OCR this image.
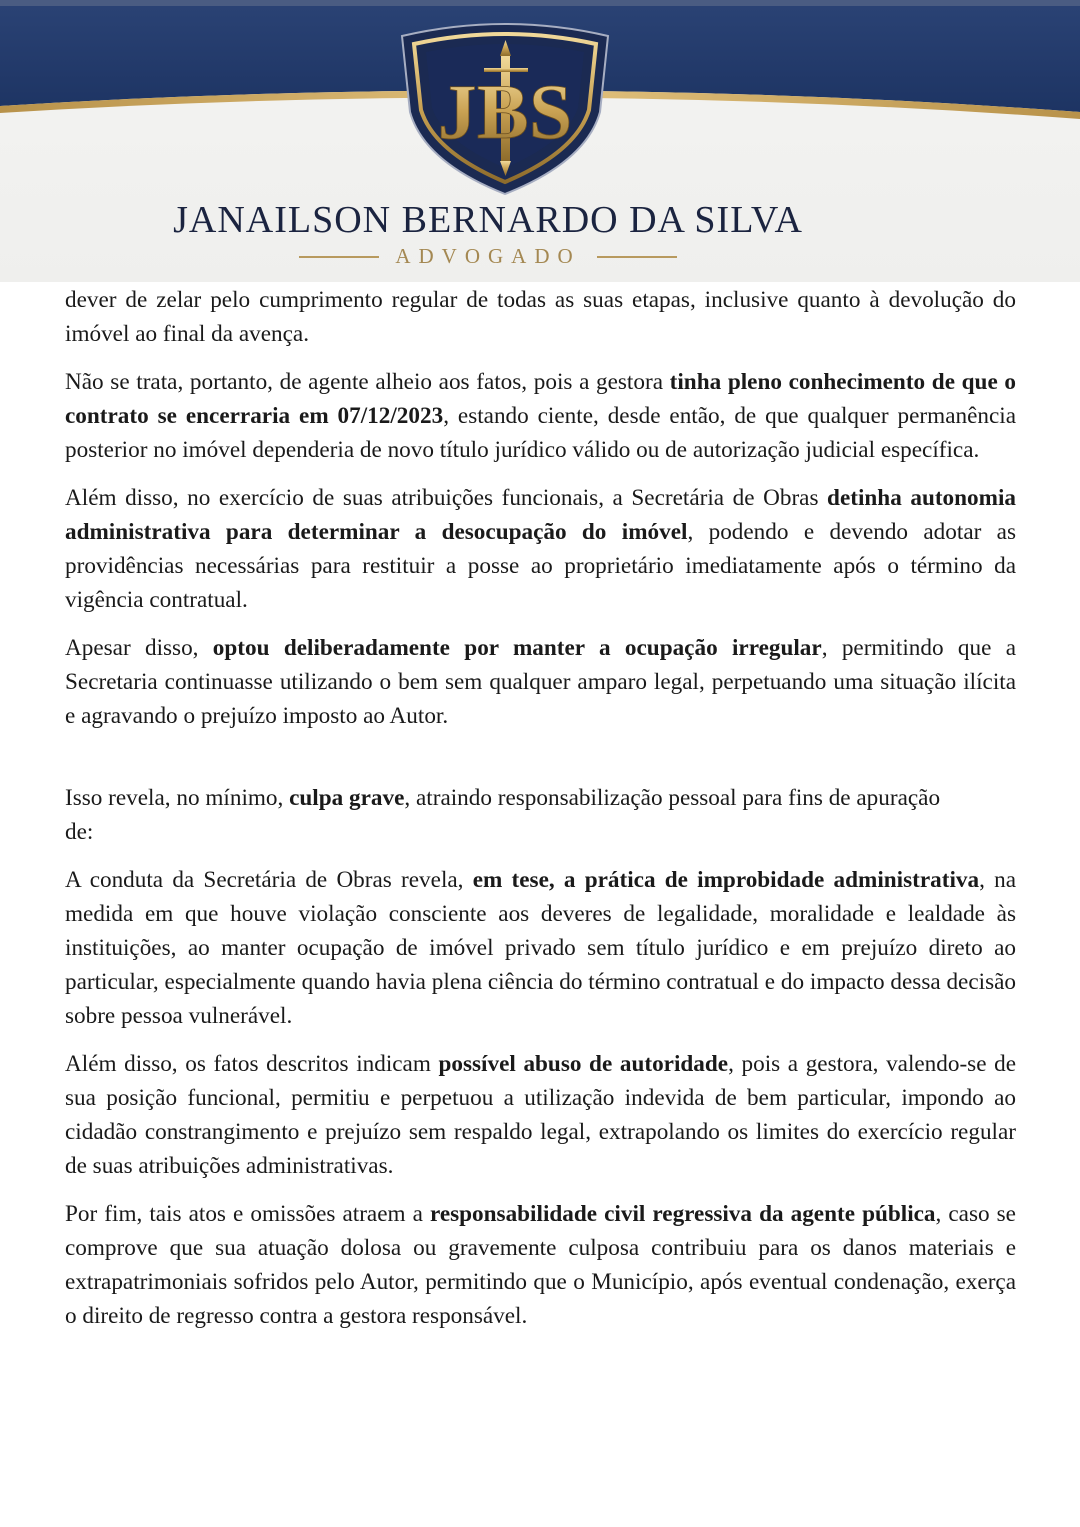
JBS
JANAILSON BERNARDO DA SILVA
ADVOGADO

dever de zelar pelo cumprimento regular de todas as suas etapas, inclusive quanto à devolução do imóvel ao final da avença.

Não se trata, portanto, de agente alheio aos fatos, pois a gestora tinha pleno conhecimento de que o contrato se encerraria em 07/12/2023, estando ciente, desde então, de que qualquer permanência posterior no imóvel dependeria de novo título jurídico válido ou de autorização judicial específica.

Além disso, no exercício de suas atribuições funcionais, a Secretária de Obras detinha autonomia administrativa para determinar a desocupação do imóvel, podendo e devendo adotar as providências necessárias para restituir a posse ao proprietário imediatamente após o término da vigência contratual.

Apesar disso, optou deliberadamente por manter a ocupação irregular, permitindo que a Secretaria continuasse utilizando o bem sem qualquer amparo legal, perpetuando uma situação ilícita e agravando o prejuízo imposto ao Autor.

Isso revela, no mínimo, culpa grave, atraindo responsabilização pessoal para fins de apuração de:

A conduta da Secretária de Obras revela, em tese, a prática de improbidade administrativa, na medida em que houve violação consciente aos deveres de legalidade, moralidade e lealdade às instituições, ao manter ocupação de imóvel privado sem título jurídico e em prejuízo direto ao particular, especialmente quando havia plena ciência do término contratual e do impacto dessa decisão sobre pessoa vulnerável.

Além disso, os fatos descritos indicam possível abuso de autoridade, pois a gestora, valendo-se de sua posição funcional, permitiu e perpetuou a utilização indevida de bem particular, impondo ao cidadão constrangimento e prejuízo sem respaldo legal, extrapolando os limites do exercício regular de suas atribuições administrativas.

Por fim, tais atos e omissões atraem a responsabilidade civil regressiva da agente pública, caso se comprove que sua atuação dolosa ou gravemente culposa contribuiu para os danos materiais e extrapatrimoniais sofridos pelo Autor, permitindo que o Município, após eventual condenação, exerça o direito de regresso contra a gestora responsável.
